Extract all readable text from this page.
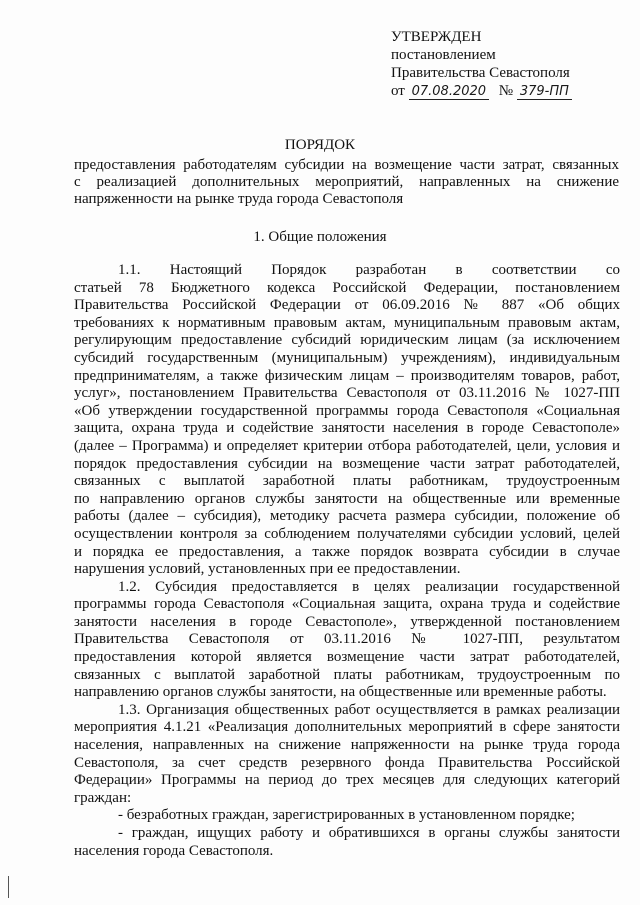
УТВЕРЖДЕН
постановлением
Правительства Севастополя
от 07.08.2020 № 379-ПП
ПОРЯДОК
предоставления работодателям субсидии на возмещение части затрат, связанных
с реализацией дополнительных мероприятий, направленных на снижение
напряженности на рынке труда города Севастополя
1. Общие положения
1.1. Настоящий Порядок разработан в соответствии со
статьей 78 Бюджетного кодекса Российской Федерации, постановлением
Правительства Российской Федерации от 06.09.2016 № 887 «Об общих
требованиях к нормативным правовым актам, муниципальным правовым актам,
регулирующим предоставление субсидий юридическим лицам (за исключением
субсидий государственным (муниципальным) учреждениям), индивидуальным
предпринимателям, а также физическим лицам – производителям товаров, работ,
услуг», постановлением Правительства Севастополя от 03.11.2016 № 1027-ПП
«Об утверждении государственной программы города Севастополя «Социальная
защита, охрана труда и содействие занятости населения в городе Севастополе»
(далее – Программа) и определяет критерии отбора работодателей, цели, условия и
порядок предоставления субсидии на возмещение части затрат работодателей,
связанных с выплатой заработной платы работникам, трудоустроенным
по направлению органов службы занятости на общественные или временные
работы (далее – субсидия), методику расчета размера субсидии, положение об
осуществлении контроля за соблюдением получателями субсидии условий, целей
и порядка ее предоставления, а также порядок возврата субсидии в случае
нарушения условий, установленных при ее предоставлении.
1.2. Субсидия предоставляется в целях реализации государственной
программы города Севастополя «Социальная защита, охрана труда и содействие
занятости населения в городе Севастополе», утвержденной постановлением
Правительства Севастополя от 03.11.2016 № 1027-ПП, результатом
предоставления которой является возмещение части затрат работодателей,
связанных с выплатой заработной платы работникам, трудоустроенным по
направлению органов службы занятости, на общественные или временные работы.
1.3. Организация общественных работ осуществляется в рамках реализации
мероприятия 4.1.21 «Реализация дополнительных мероприятий в сфере занятости
населения, направленных на снижение напряженности на рынке труда города
Севастополя, за счет средств резервного фонда Правительства Российской
Федерации» Программы на период до трех месяцев для следующих категорий
граждан:
- безработных граждан, зарегистрированных в установленном порядке;
- граждан, ищущих работу и обратившихся в органы службы занятости
населения города Севастополя.
